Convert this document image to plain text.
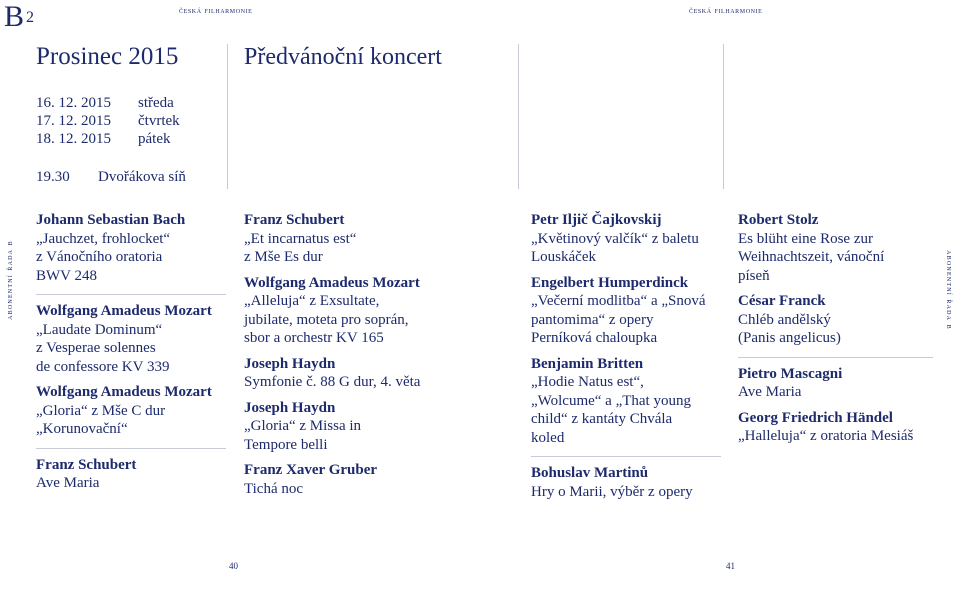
B $^2$	česká filharmonie	česká filharmonie
Prosinec 2015	Předvánoční koncert
16. 12. 2015	středa
17. 12. 2015	čtvrtek
18. 12. 2015	pátek
19.30	Dvořákova síň
Johann Sebastian Bach
„Jauchzet, frohlocket“
z Vánočního oratoria
BWV 248
Wolfgang Amadeus Mozart
„Laudate Dominum“
z Vesperae solennes
de confessore KV 339
Wolfgang Amadeus Mozart
„Gloria“ z Mše C dur
„Korunovační“
Franz Schubert
Ave Maria
Franz Schubert
„Et incarnatus est“
z Mše Es dur
Wolfgang Amadeus Mozart
„Alleluja“ z Exsultate,
jubilate, moteta pro soprán,
sbor a orchestr KV 165
Joseph Haydn
Symfonie č. 88 G dur, 4. věta
Joseph Haydn
„Gloria“ z Missa in
Tempore belli
Franz Xaver Gruber
Tichá noc
Petr Iljič Čajkovskij
„Květinový valčík“ z baletu
Louskáček
Engelbert Humperdinck
„Večerní modlitba“ a „Snová
pantomima“ z opery
Perníková chaloupka
Benjamin Britten
„Hodie Natus est“,
„Wolcume“ a „That young
child“ z kantáty Chvála
koled
Bohuslav Martinů
Hry o Marii, výběr z opery
Robert Stolz
Es blüht eine Rose zur
Weihnachtszeit, vánoční
píseň
César Franck
Chléb andělský
(Panis angelicus)
Pietro Mascagni
Ave Maria
Georg Friedrich Händel
„Halleluja“ z oratoria Mesiáš
abonentní řada b	abonentní řada b
40	41
